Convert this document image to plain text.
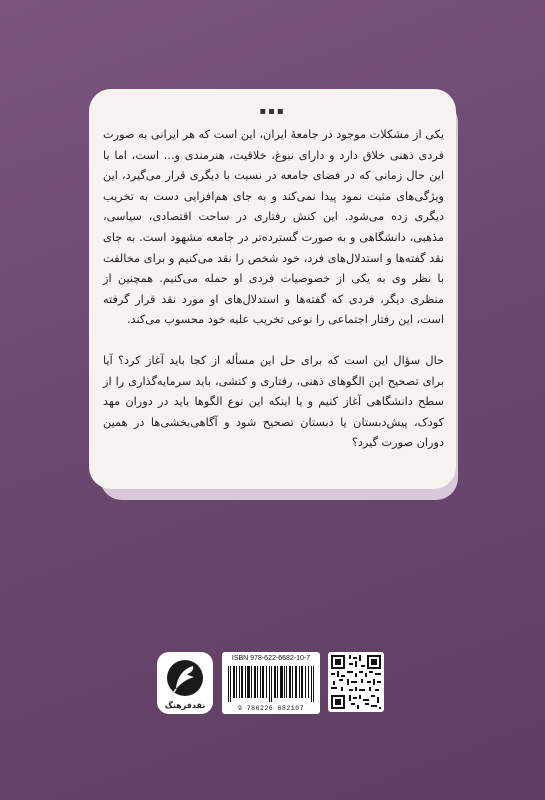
▪▪▪

یکی از مشکلات موجود در جامعهٔ ایران، این است که هر ایرانی به صورت فردی ذهنی خلاق دارد و دارای نبوغ، خلاقیت، هنرمندی و... است، اما با این حال زمانی که در فضای جامعه در نسبت با دیگری قرار می‌گیرد، این ویژگی‌های مثبت نمود پیدا نمی‌کند و به جای هم‌افزایی دست به تخریب دیگری زده می‌شود. این کنش رفتاری در ساحت اقتصادی، سیاسی، مذهبی، دانشگاهی و به صورت گسترده‌تر در جامعه مشهود است. به جای نقد گفته‌ها و استدلال‌های فرد، خود شخص را نقد می‌کنیم و برای مخالفت با نظر وی به یکی از خصوصیات فردی او حمله می‌کنیم. همچنین از منظری دیگر، فردی که گفته‌ها و استدلال‌های او مورد نقد قرار گرفته است، این رفتار اجتماعی را نوعی تخریب علیه خود محسوب می‌کند.

حال سؤال این است که برای حل این مسأله از کجا باید آغاز کرد؟ آیا برای تصحیح این الگوهای ذهنی، رفتاری و کنشی، باید سرمایه‌گذاری را از سطح دانشگاهی آغاز کنیم و یا اینکه این نوع الگوها باید در دوران مهد کودک، پیش‌دبستان یا دبستان تصحیح شود و آگاهی‌بخشی‌ها در همین دوران صورت گیرد؟

نقدفرهنگ
ISBN 978-622-6682-10-7
9 786226 682107
